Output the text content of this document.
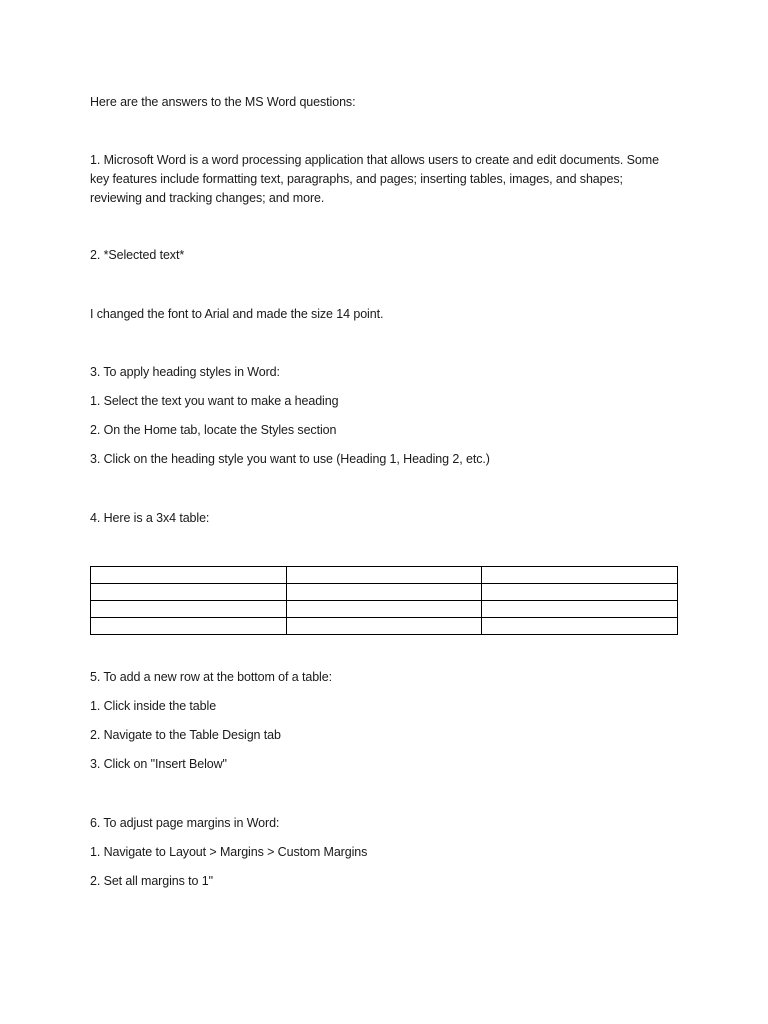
Here are the answers to the MS Word questions:
1. Microsoft Word is a word processing application that allows users to create and edit documents. Some
key features include formatting text, paragraphs, and pages; inserting tables, images, and shapes;
reviewing and tracking changes; and more.
2. *Selected text*
I changed the font to Arial and made the size 14 point.
3. To apply heading styles in Word:
1. Select the text you want to make a heading
2. On the Home tab, locate the Styles section
3. Click on the heading style you want to use (Heading 1, Heading 2, etc.)
4. Here is a 3x4 table:

5. To add a new row at the bottom of a table:
1. Click inside the table
2. Navigate to the Table Design tab
3. Click on "Insert Below"
6. To adjust page margins in Word:
1. Navigate to Layout > Margins > Custom Margins
2. Set all margins to 1"
